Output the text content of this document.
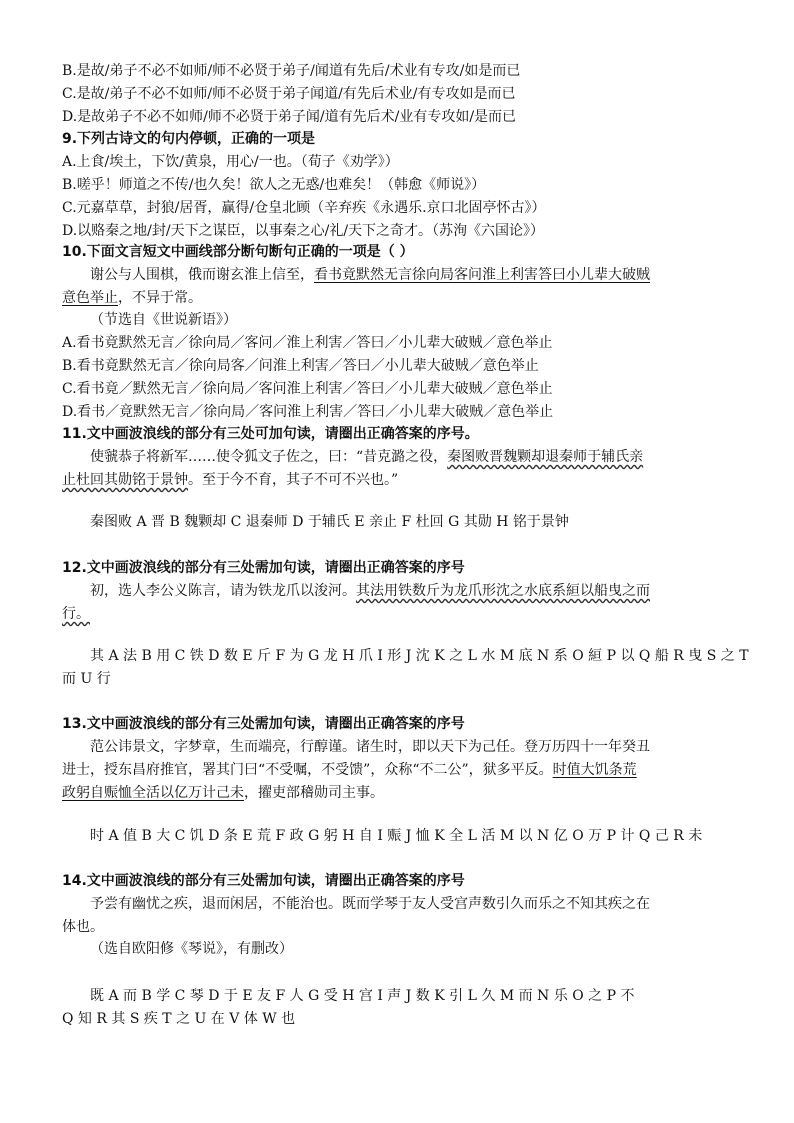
B.是故/弟子不必不如师/师不必贤于弟子/闻道有先后/术业有专攻/如是而已
C.是故/弟子不必不如师/师不必贤于弟子闻道/有先后术业/有专攻如是而已
D.是故弟子不必不如师/师不必贤于弟子闻/道有先后术/业有专攻如/是而已
9.下列古诗文的句内停顿，正确的一项是
A.上食/埃土，下饮/黄泉，用心/一也。（荀子《劝学》）
B.嗟乎！师道之不传/也久矣！欲人之无惑/也难矣！（韩愈《师说》）
C.元嘉草草，封狼/居胥，赢得/仓皇北顾（辛弃疾《永遇乐.京口北固亭怀古》）
D.以赂秦之地/封/天下之谋臣，以事秦之心/礼/天下之奇才。（苏洵《六国论》）
10.下面文言短文中画线部分断句断句正确的一项是（ ）
谢公与人围棋，俄而谢玄淮上信至，看书竟默然无言徐向局客问淮上利害答曰小儿辈大破贼
意色举止，不异于常。
（节选自《世说新语》）
A.看书竟默然无言／徐向局／客问／淮上利害／答曰／小儿辈大破贼／意色举止
B.看书竟默然无言／徐向局客／问淮上利害／答曰／小儿辈大破贼／意色举止
C.看书竟／默然无言／徐向局／客问淮上利害／答曰／小儿辈大破贼／意色举止
D.看书／竟默然无言／徐向局／客问淮上利害／答曰／小儿辈大破贼／意色举止
11.文中画波浪线的部分有三处可加句读，请圈出正确答案的序号。
使虢恭子将新军……使令狐文子佐之，曰：“昔克潞之役，秦图败晋魏颗却退秦师于辅氏亲
止杜回其勋铭于景钟。至于今不育，其子不可不兴也。”
秦图败 A 晋 B 魏颗却 C 退秦师 D 于辅氏 E 亲止 F 杜回 G 其勋 H 铭于景钟
12.文中画波浪线的部分有三处需加句读，请圈出正确答案的序号
初，选人李公义陈言，请为铁龙爪以浚河。其法用铁数斤为龙爪形沈之水底系絙以船曳之而
行。
其 A 法 B 用 C 铁 D 数 E 斤 F 为 G 龙 H 爪 I 形 J 沈 K 之 L 水 M 底 N 系 O 絙 P 以 Q 船 R 曳 S 之 T
而 U 行
13.文中画波浪线的部分有三处需加句读，请圈出正确答案的序号
范公讳景文，字梦章，生而端亮，行醇谨。诸生时，即以天下为己任。登万历四十一年癸丑
进士，授东昌府推官，署其门曰“不受嘱，不受馈”，众称“不二公”，狱多平反。时值大饥条荒
政躬自赈恤全活以亿万计己未，擢吏部稽勋司主事。
时 A 值 B 大 C 饥 D 条 E 荒 F 政 G 躬 H 自 I 赈 J 恤 K 全 L 活 M 以 N 亿 O 万 P 计 Q 己 R 未
14.文中画波浪线的部分有三处需加句读，请圈出正确答案的序号
予尝有幽忧之疾，退而闲居，不能治也。既而学琴于友人受宫声数引久而乐之不知其疾之在
体也。
（选自欧阳修《琴说》，有删改）
既 A 而 B 学 C 琴 D 于 E 友 F 人 G 受 H 宫 I 声 J 数 K 引 L 久 M 而 N 乐 O 之 P 不
Q 知 R 其 S 疾 T 之 U 在 V 体 W 也
